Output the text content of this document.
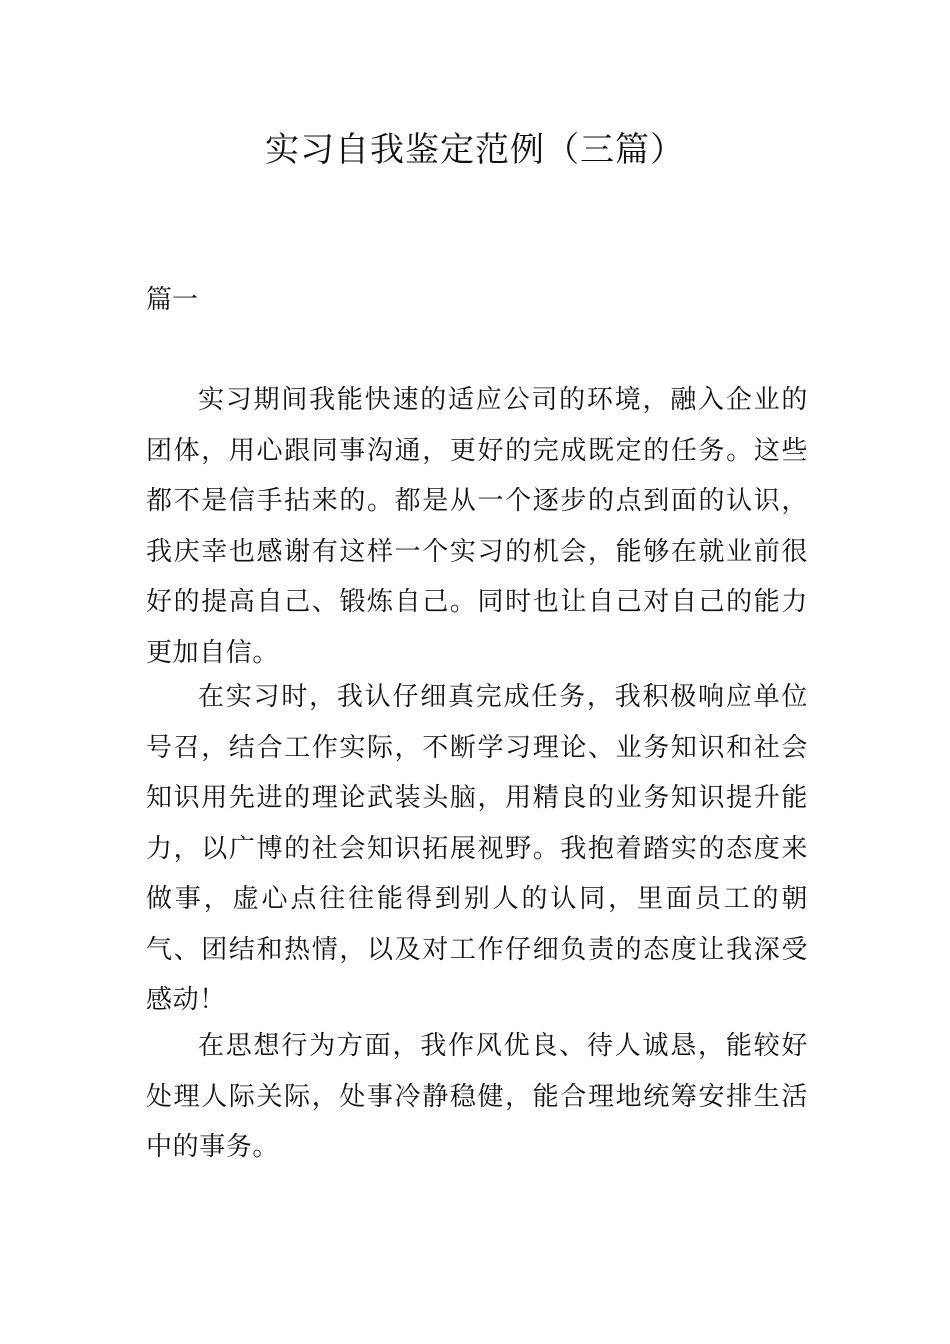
实习自我鉴定范例（三篇）

篇一

实习期间我能快速的适应公司的环境，融入企业的团体，用心跟同事沟通，更好的完成既定的任务。这些都不是信手拈来的。都是从一个逐步的点到面的认识，我庆幸也感谢有这样一个实习的机会，能够在就业前很好的提高自己、锻炼自己。同时也让自己对自己的能力更加自信。

在实习时，我认仔细真完成任务，我积极响应单位号召，结合工作实际，不断学习理论、业务知识和社会知识用先进的理论武装头脑，用精良的业务知识提升能力，以广博的社会知识拓展视野。我抱着踏实的态度来做事，虚心点往往能得到别人的认同，里面员工的朝气、团结和热情，以及对工作仔细负责的态度让我深受感动！

在思想行为方面，我作风优良、待人诚恳，能较好处理人际关际，处事冷静稳健，能合理地统筹安排生活中的事务。
